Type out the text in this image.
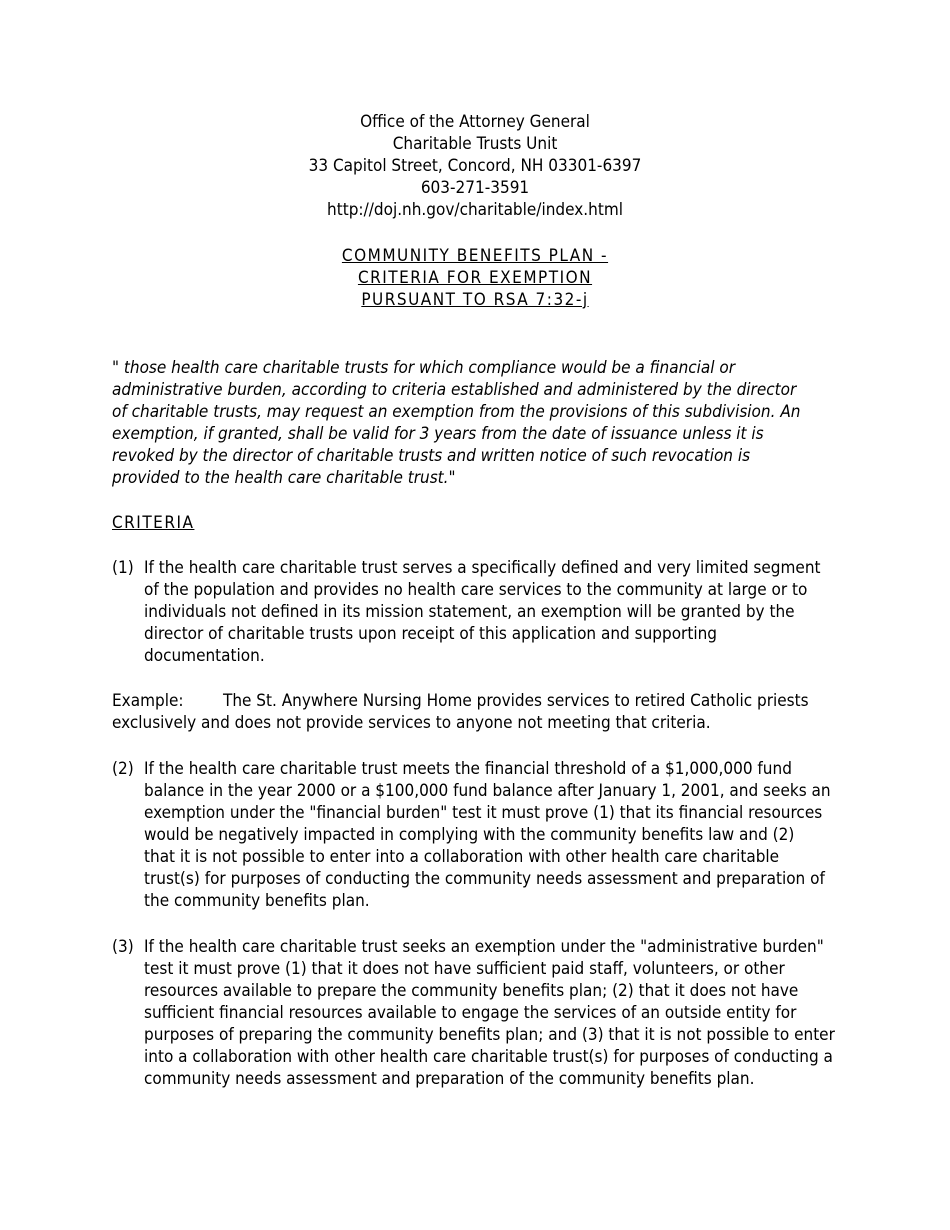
Office of the Attorney General
Charitable Trusts Unit
33 Capitol Street, Concord, NH 03301-6397
603-271-3591
http://doj.nh.gov/charitable/index.html
COMMUNITY BENEFITS PLAN -
CRITERIA FOR EXEMPTION
PURSUANT TO RSA 7:32-j
" those health care charitable trusts for which compliance would be a financial or
administrative burden, according to criteria established and administered by the director
of charitable trusts, may request an exemption from the provisions of this subdivision. An
exemption, if granted, shall be valid for 3 years from the date of issuance unless it is
revoked by the director of charitable trusts and written notice of such revocation is
provided to the health care charitable trust."
CRITERIA
(1) If the health care charitable trust serves a specifically defined and very limited segment
of the population and provides no health care services to the community at large or to
individuals not defined in its mission statement, an exemption will be granted by the
director of charitable trusts upon receipt of this application and supporting
documentation.
Example: The St. Anywhere Nursing Home provides services to retired Catholic priests
exclusively and does not provide services to anyone not meeting that criteria.
(2) If the health care charitable trust meets the financial threshold of a $1,000,000 fund
balance in the year 2000 or a $100,000 fund balance after January 1, 2001, and seeks an
exemption under the "financial burden" test it must prove (1) that its financial resources
would be negatively impacted in complying with the community benefits law and (2)
that it is not possible to enter into a collaboration with other health care charitable
trust(s) for purposes of conducting the community needs assessment and preparation of
the community benefits plan.
(3) If the health care charitable trust seeks an exemption under the "administrative burden"
test it must prove (1) that it does not have sufficient paid staff, volunteers, or other
resources available to prepare the community benefits plan; (2) that it does not have
sufficient financial resources available to engage the services of an outside entity for
purposes of preparing the community benefits plan; and (3) that it is not possible to enter
into a collaboration with other health care charitable trust(s) for purposes of conducting a
community needs assessment and preparation of the community benefits plan.
